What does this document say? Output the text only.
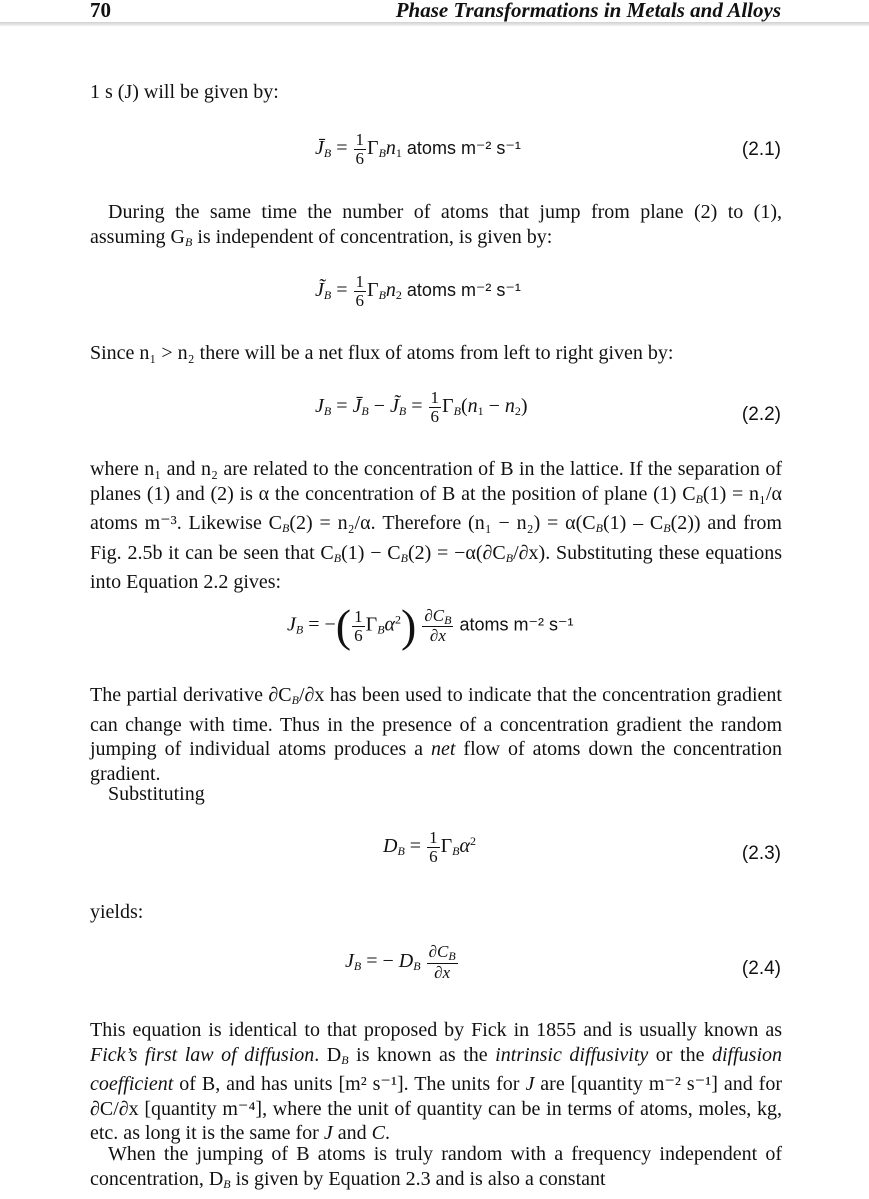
70	Phase Transformations in Metals and Alloys

1 s (J) will be given by:

$J̄_B = \frac{1}{6} \Gamma_Bn_1$ atoms m⁻² s⁻¹	(2.1)

During the same time the number of atoms that jump from plane (2) to (1), assuming $G_B$ is independent of concentration, is given by:

$J̃_B = \frac{1}{6} \Gamma_Bn_2$ atoms m⁻² s⁻¹

Since n₁ > n₂ there will be a net flux of atoms from left to right given by:

$J_B$ = $J̄_B$ − $J̃_B = \frac{1}{6} \Gamma_B(n_1 - n_2)$	(2.2)

where n₁ and n₂ are related to the concentration of B in the lattice. If the separation of planes (1) and (2) is α the concentration of B at the position of plane (1) $C_B(1) = n_1/\alpha$ atoms m⁻³. Likewise $C_B(2) = n_2/\alpha$. Therefore $(n_1 - n_2) = \alpha(C_B(1) - C_B(2))$ and from Fig. 2.5b it can be seen that $C_B(1) - C_B(2) = -\alpha(\partial C_B/\partial x)$. Substituting these equations into Equation 2.2 gives:

$J_B$ = −( $\frac{1}{6} \Gamma_B\alpha^2) \frac{\partial C_B}{\partial x}$ atoms m⁻² s⁻¹

The partial derivative $\partial C_B/\partial x$ has been used to indicate that the concentration gradient can change with time. Thus in the presence of a concentration gradient the random jumping of individual atoms produces a net flow of atoms down the concentration gradient.

Substituting

$D_B = \frac{1}{6} \Gamma_B\alpha^2$
(2.3)

yields:

$J_B$ = − $D_B \frac{\partial C_B}{\partial x}$	(2.4)

This equation is identical to that proposed by Fick in 1855 and is usually known as Fick’s first law of diffusion. $D_B$ is known as the intrinsic diffusivity or the diffusion coefficient of B, and has units [m² s⁻¹]. The units for J are [quantity m⁻² s⁻¹] and for ∂C/∂x [quantity m⁻⁴], where the unit of quantity can be in terms of atoms, moles, kg, etc. as long it is the same for J and C.

When the jumping of B atoms is truly random with a frequency independent of concentration, $D_B$ is given by Equation 2.3 and is also a constant
